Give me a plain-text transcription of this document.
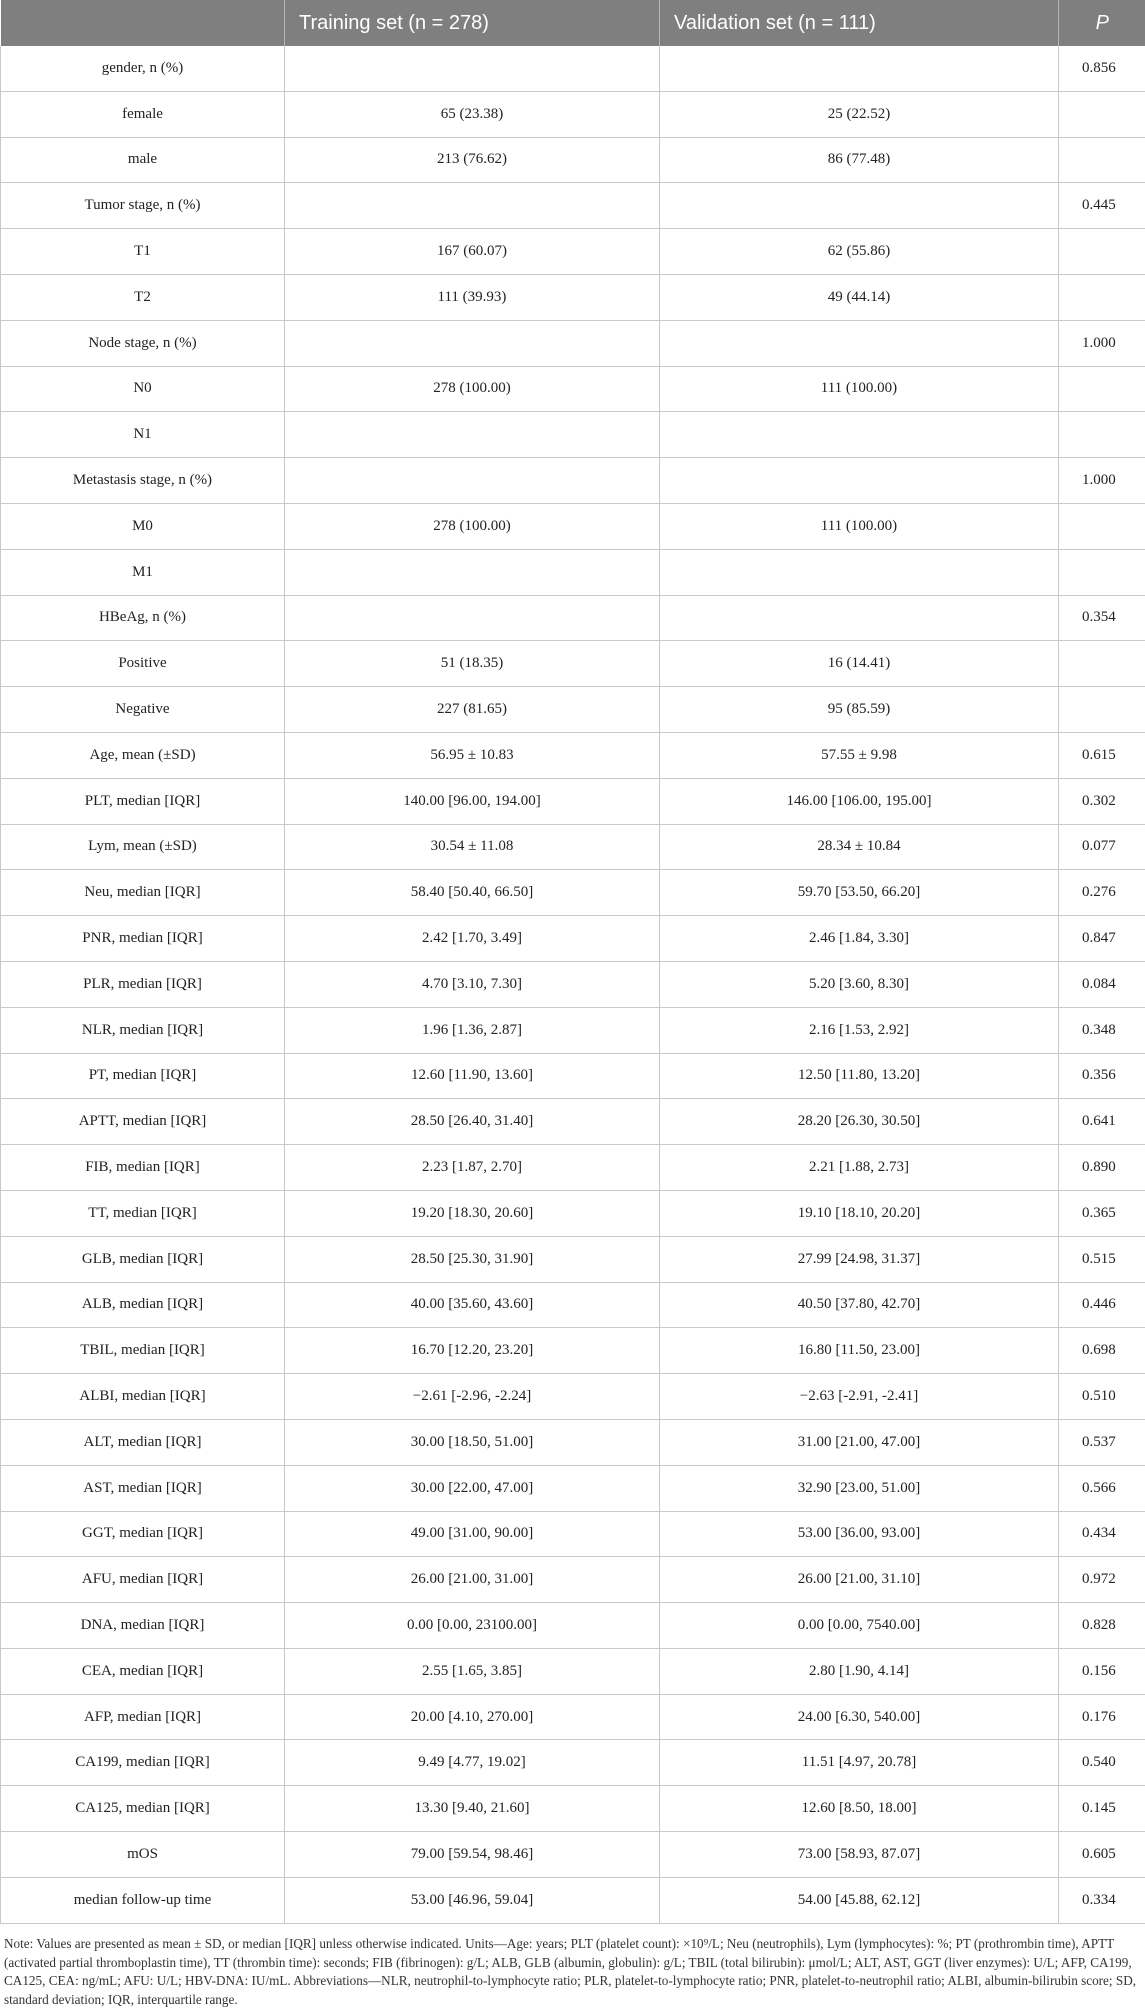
	Training set (n = 278)	Validation set (n = 111)	P
gender, n (%)			0.856
female	65 (23.38)	25 (22.52)	
male	213 (76.62)	86 (77.48)	
Tumor stage, n (%)			0.445
T1	167 (60.07)	62 (55.86)	
T2	111 (39.93)	49 (44.14)	
Node stage, n (%)			1.000
N0	278 (100.00)	111 (100.00)	
N1			
Metastasis stage, n (%)			1.000
M0	278 (100.00)	111 (100.00)	
M1			
HBeAg, n (%)			0.354
Positive	51 (18.35)	16 (14.41)	
Negative	227 (81.65)	95 (85.59)	
Age, mean (±SD)	56.95 ± 10.83	57.55 ± 9.98	0.615
PLT, median [IQR]	140.00 [96.00, 194.00]	146.00 [106.00, 195.00]	0.302
Lym, mean (±SD)	30.54 ± 11.08	28.34 ± 10.84	0.077
Neu, median [IQR]	58.40 [50.40, 66.50]	59.70 [53.50, 66.20]	0.276
PNR, median [IQR]	2.42 [1.70, 3.49]	2.46 [1.84, 3.30]	0.847
PLR, median [IQR]	4.70 [3.10, 7.30]	5.20 [3.60, 8.30]	0.084
NLR, median [IQR]	1.96 [1.36, 2.87]	2.16 [1.53, 2.92]	0.348
PT, median [IQR]	12.60 [11.90, 13.60]	12.50 [11.80, 13.20]	0.356
APTT, median [IQR]	28.50 [26.40, 31.40]	28.20 [26.30, 30.50]	0.641
FIB, median [IQR]	2.23 [1.87, 2.70]	2.21 [1.88, 2.73]	0.890
TT, median [IQR]	19.20 [18.30, 20.60]	19.10 [18.10, 20.20]	0.365
GLB, median [IQR]	28.50 [25.30, 31.90]	27.99 [24.98, 31.37]	0.515
ALB, median [IQR]	40.00 [35.60, 43.60]	40.50 [37.80, 42.70]	0.446
TBIL, median [IQR]	16.70 [12.20, 23.20]	16.80 [11.50, 23.00]	0.698
ALBI, median [IQR]	−2.61 [-2.96, -2.24]	−2.63 [-2.91, -2.41]	0.510
ALT, median [IQR]	30.00 [18.50, 51.00]	31.00 [21.00, 47.00]	0.537
AST, median [IQR]	30.00 [22.00, 47.00]	32.90 [23.00, 51.00]	0.566
GGT, median [IQR]	49.00 [31.00, 90.00]	53.00 [36.00, 93.00]	0.434
AFU, median [IQR]	26.00 [21.00, 31.00]	26.00 [21.00, 31.10]	0.972
DNA, median [IQR]	0.00 [0.00, 23100.00]	0.00 [0.00, 7540.00]	0.828
CEA, median [IQR]	2.55 [1.65, 3.85]	2.80 [1.90, 4.14]	0.156
AFP, median [IQR]	20.00 [4.10, 270.00]	24.00 [6.30, 540.00]	0.176
CA199, median [IQR]	9.49 [4.77, 19.02]	11.51 [4.97, 20.78]	0.540
CA125, median [IQR]	13.30 [9.40, 21.60]	12.60 [8.50, 18.00]	0.145
mOS	79.00 [59.54, 98.46]	73.00 [58.93, 87.07]	0.605
median follow-up time	53.00 [46.96, 59.04]	54.00 [45.88, 62.12]	0.334
Note: Values are presented as mean ± SD, or median [IQR] unless otherwise indicated. Units—Age: years; PLT (platelet count): ×10⁹/L; Neu (neutrophils), Lym (lymphocytes): %; PT (prothrombin time), APTT (activated partial thromboplastin time), TT (thrombin time): seconds; FIB (fibrinogen): g/L; ALB, GLB (albumin, globulin): g/L; TBIL (total bilirubin): μmol/L; ALT, AST, GGT (liver enzymes): U/L; AFP, CA199, CA125, CEA: ng/mL; AFU: U/L; HBV-DNA: IU/mL. Abbreviations—NLR, neutrophil-to-lymphocyte ratio; PLR, platelet-to-lymphocyte ratio; PNR, platelet-to-neutrophil ratio; ALBI, albumin-bilirubin score; SD, standard deviation; IQR, interquartile range.
